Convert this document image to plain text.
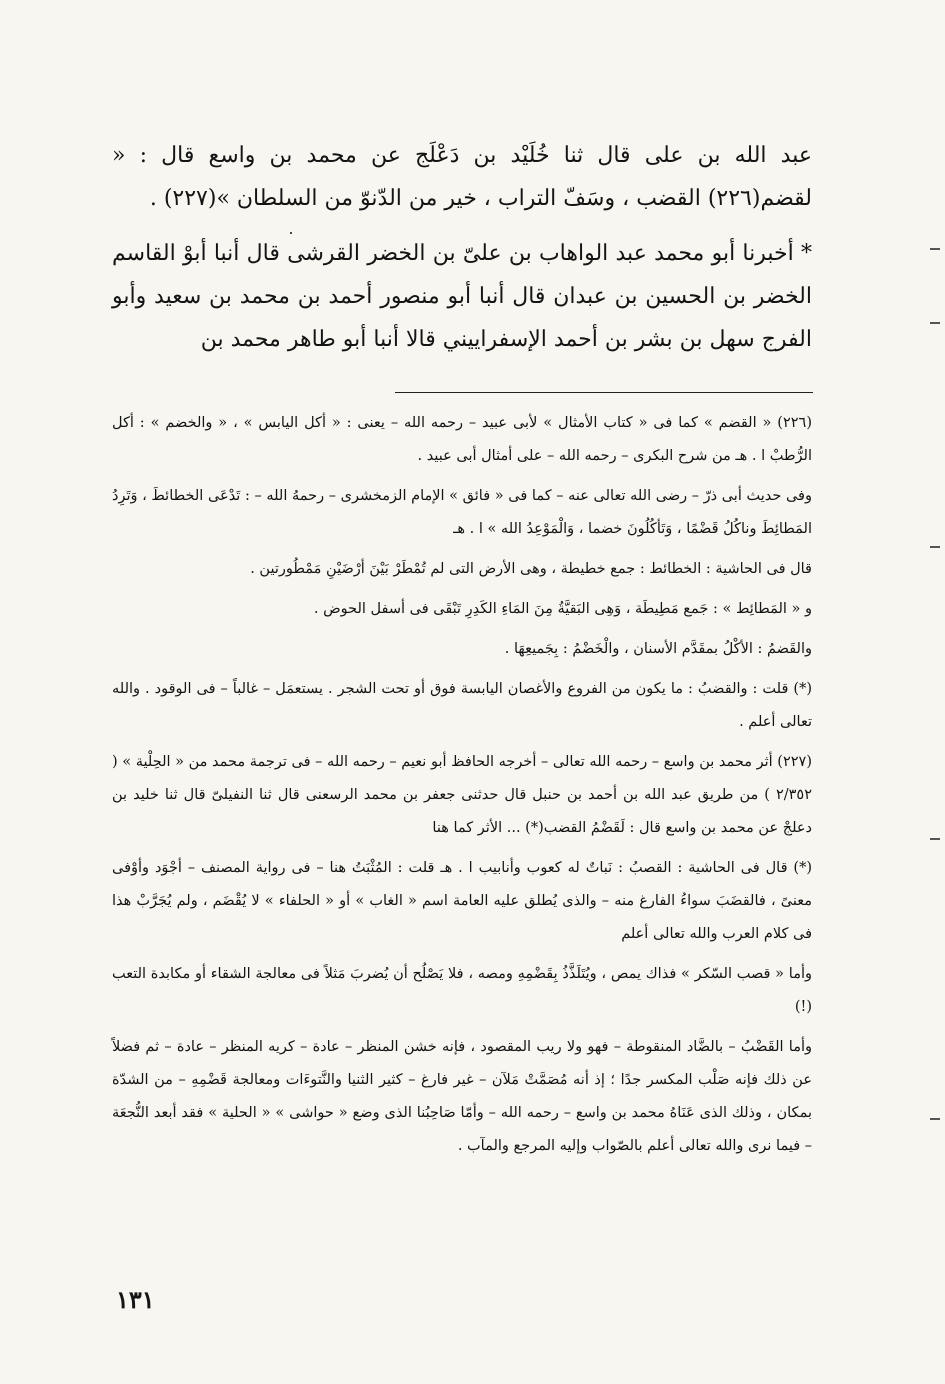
عبد الله بن على قال ثنا خُلَيْد بن دَعْلَج عن محمد بن واسع قال : « لقضم(٢٢٦) القضب ، وسَفّ التراب ، خير من الدّنوّ من السلطان »(٢٢٧) .

* أخبرنا أبو محمد عبد الواهاب بن علىّ بن الخضر القرشى قال أنبا أبوْ القاسم الخضر بن الحسين بن عبدان قال أنبا أبو منصور أحمد بن محمد بن سعيد وأبو الفرج سهل بن بشر بن أحمد الإسفراييني قالا أنبا أبو طاهر محمد بن

(٢٢٦) « القضم » كما فى « كتاب الأمثال » لأبى عبيد – رحمه الله – يعنى : « أكل اليابس » ، « والخضم » : أكل الرُّطبْ ا . هـ من شرح البكرى – رحمه الله – على أمثال أبى عبيد .

وفى حديث أبى ذرّ – رضى الله تعالى عنه – كما فى « فائق » الإمام الزمخشرى – رحمهُ الله – : تَدْعَى الخطائطَ ، وَتَرِدُ المَطائِطَ وناكُلُ قَضْمًا ، وَتَأكُلُونَ خضما ، وَالْمَوْعِدُ الله » ا . هـ

قال فى الحاشية : الخطائط : جمع خطيطة ، وهى الأرض التى لم تُمْطَرْ بَيْنَ أرْضَيْنِ مَمْطُورتين .

و « المَطائِط » : جَمع مَطِيطَة ، وَهِى البَقيَّةُ مِنَ المَاءِ الكَدِرِ تَبْقَى فى أسفل الحوض .

والقَضمُ : الأكْلُ بمقَدَّم الأسنان ، والْخَضْمُ : بِجَميعِهَا .

(*) قلت : والقضبُ : ما يكون من الفروع والأغصان اليابسة فوق أو تحت الشجر . يستعمَل – غالباً – فى الوقود . والله تعالى أعلم .

(٢٢٧) أثر محمد بن واسع – رحمه الله تعالى – أخرجه الحافظ أبو نعيم – رحمه الله – فى ترجمة محمد من « الحِلْية » ( ٢/٣٥٢ ) من طريق عبد الله بن أحمد بن حنبل قال حدثنى جعفر بن محمد الرسعنى قال ثنا النفيلىّ قال ثنا خليد بن دعلجْ عن محمد بن واسع قال : لَقَضْمُ القضب(*) ... الأثر كما هنا

(*) قال فى الحاشية : القصبُ : نَباتٌ له كعوب وأنابيب ا . هـ قلت : المُثْبَتُ هنا – فى رواية المصنف – أجْوَد وأوْفى معنىً ، فالقضَبَ سواءُ الفارغ منه – والذى يُطلق عليه العامة اسم « الغاب » أو « الحلفاء » لا يُقْضَم ، ولم يُجَرَّبْ هذا فى كلام العرب والله تعالى أعلم

وأما « قصب السّكر » فذاك يمص ، ويُتَلَذَّذُ بِقَضْمِهِ ومصه ، فلا يَصْلُح أن يُضربَ مَثلاً فى معالجة الشقاء أو مكابدة التعب (!)

وأما القَضْبُ – بالضَّاد المنقوطة – فهو ولا ريب المقصود ، فإنه خشن المنظر – عادة – كريه المنظر – عادة – ثم فضلاً عن ذلك فإنه صَلْب المكسر جدًا ؛ إذ أنه مُصَمَّتْ مَلآن – غير فارغ – كثير الثنيا والنَّتوءَات ومعالجة قَضْمِهِ – من الشدّة بمكان ، وذلك الذى عَنَاهُ محمد بن واسع – رحمه الله – وأمّا صَاحِبُنا الذى وضع « حواشى » « الحلية » فقد أبعد النُّجعَة – فيما نرى والله تعالى أعلم بالصّواب وإليه المرجع والمآب .

١٣١
